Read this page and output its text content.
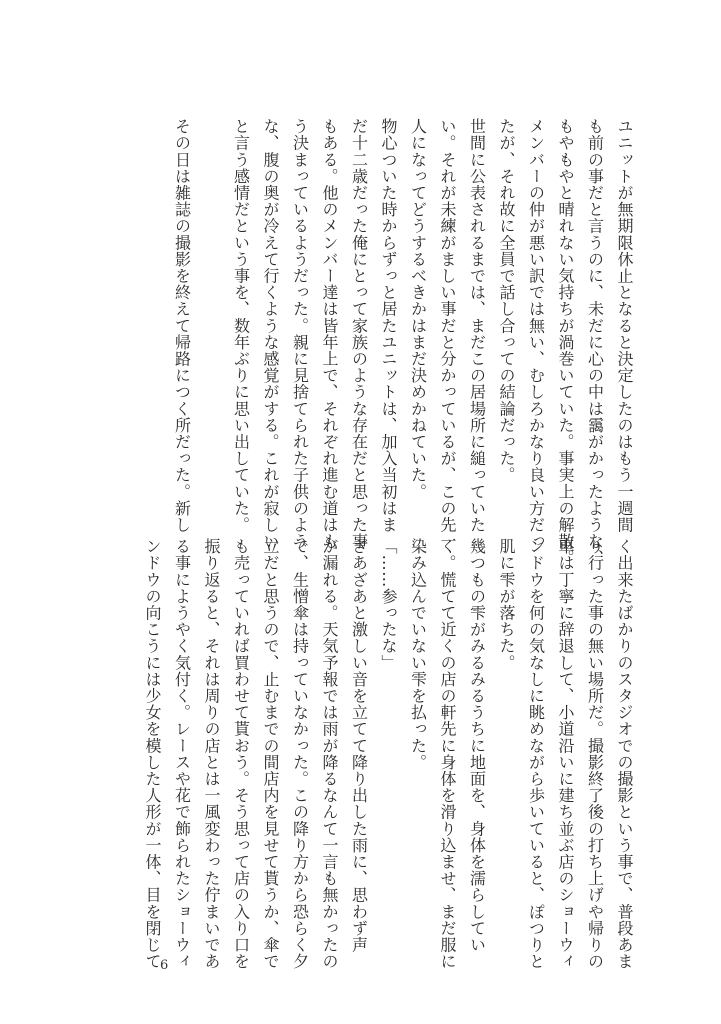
ユニットが無期限休止となると決定したのはもう一週間
も前の事だと言うのに、未だに心の中は靄がかったような、
もやもやと晴れない気持ちが渦巻いていた。事実上の解散。
メンバーの仲が悪い訳では無い、むしろかなり良い方だっ
たが、それ故に全員で話し合っての結論だった。
世間に公表されるまでは、まだこの居場所に縋っていた
い。それが未練がましい事だと分かっているが、この先一
人になってどうするべきかはまだ決めかねていた。
物心ついた時からずっと居たユニットは、加入当初はま
だ十二歳だった俺にとって家族のような存在だと思った事
もある。他のメンバー達は皆年上で、それぞれ進む道はも
う決まっているようだった。親に見捨てられた子供のよう
な、腹の奥が冷えて行くような感覚がする。これが寂しい
と言う感情だという事を、数年ぶりに思い出していた。
その日は雑誌の撮影を終えて帰路につく所だった。新し
く出来たばかりのスタジオでの撮影という事で、普段あま
り行った事の無い場所だ。撮影終了後の打ち上げや帰りの
車は丁寧に辞退して、小道沿いに建ち並ぶ店のショーウィ
ンドウを何の気なしに眺めながら歩いていると、ぽつりと
肌に雫が落ちた。
幾つもの雫がみるみるうちに地面を、身体を濡らしてい
く。慌てて近くの店の軒先に身体を滑り込ませ、まだ服に
染み込んでいない雫を払った。
「……参ったな」
ざあざあと激しい音を立てて降り出した雨に、思わず声
が漏れる。天気予報では雨が降るなんて一言も無かったの
で、生憎傘は持っていなかった。この降り方から恐らく夕
立だと思うので、止むまでの間店内を見せて貰うか、傘で
も売っていれば買わせて貰おう。そう思って店の入り口を
振り返ると、それは周りの店とは一風変わった佇まいであ
る事にようやく気付く。レースや花で飾られたショーウィ
ンドウの向こうには少女を模した人形が一体、目を閉じて
6
